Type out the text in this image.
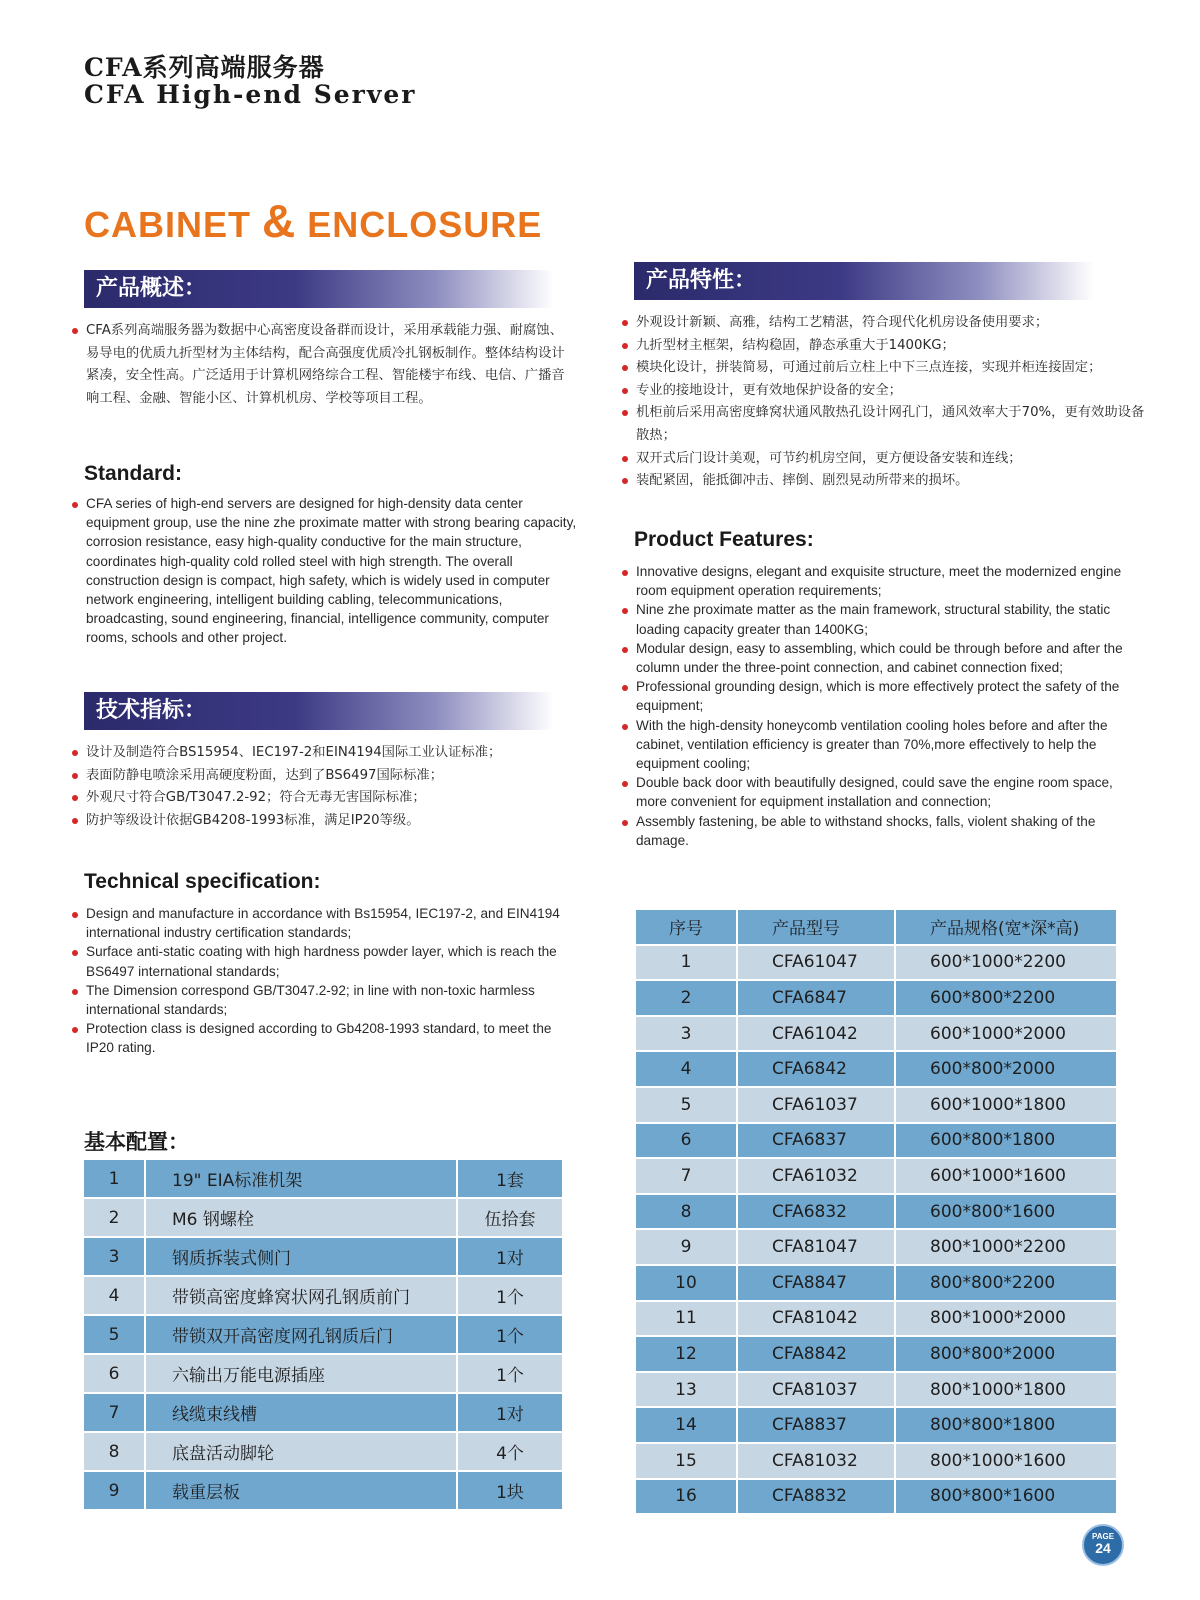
CFA系列高端服务器
CFA High-end Server
CABINET & ENCLOSURE
产品概述：
CFA系列高端服务器为数据中心高密度设备群而设计，采用承载能力强、耐腐蚀、易导电的优质九折型材为主体结构，配合高强度优质冷扎钢板制作。整体结构设计紧凑，安全性高。广泛适用于计算机网络综合工程、智能楼宇布线、电信、广播音响工程、金融、智能小区、计算机机房、学校等项目工程。
Standard:
CFA series of high-end servers are designed for high-density data center equipment group, use the nine zhe proximate matter with strong bearing capacity, corrosion resistance, easy high-quality conductive for the main structure, coordinates high-quality cold rolled steel with high strength. The overall construction design is compact, high safety, which is widely used in computer network engineering, intelligent building cabling, telecommunications, broadcasting, sound engineering, financial, intelligence community, computer rooms, schools and other project.
技术指标：
设计及制造符合BS15954、IEC197-2和EIN4194国际工业认证标准；
表面防静电喷涂采用高硬度粉面，达到了BS6497国际标准；
外观尺寸符合GB/T3047.2-92；符合无毒无害国际标准；
防护等级设计依据GB4208-1993标准，满足IP20等级。
Technical specification:
Design and manufacture in accordance with Bs15954, IEC197-2, and EIN4194 international industry certification standards;
Surface anti-static coating with high hardness powder layer, which is reach the BS6497 international standards;
The Dimension correspond GB/T3047.2-92; in line with non-toxic harmless international standards;
Protection class is designed according to Gb4208-1993 standard, to meet the IP20 rating.
基本配置：
1	19" EIA标准机架	1套
2	M6 钢螺栓	伍拾套
3	钢质拆装式侧门	1对
4	带锁高密度蜂窝状网孔钢质前门	1个
5	带锁双开高密度网孔钢质后门	1个
6	六输出万能电源插座	1个
7	线缆束线槽	1对
8	底盘活动脚轮	4个
9	载重层板	1块
产品特性：
外观设计新颖、高雅，结构工艺精湛，符合现代化机房设备使用要求；
九折型材主框架，结构稳固，静态承重大于1400KG；
模块化设计，拼装简易，可通过前后立柱上中下三点连接，实现并柜连接固定；
专业的接地设计，更有效地保护设备的安全；
机柜前后采用高密度蜂窝状通风散热孔设计网孔门，通风效率大于70%，更有效助设备散热；
双开式后门设计美观，可节约机房空间，更方便设备安装和连线；
装配紧固，能抵御冲击、摔倒、剧烈晃动所带来的损坏。
Product Features:
Innovative designs, elegant and exquisite structure, meet the modernized engine room equipment operation requirements;
Nine zhe proximate matter as the main framework, structural stability, the static loading capacity greater than 1400KG;
Modular design, easy to assembling, which could be through before and after the column under the three-point connection, and cabinet connection fixed;
Professional grounding design, which is more effectively protect the safety of the equipment;
With the high-density honeycomb ventilation cooling holes before and after the cabinet, ventilation efficiency is greater than 70%,more effectively to help the equipment cooling;
Double back door with beautifully designed, could save the engine room space, more convenient for equipment installation and connection;
Assembly fastening, be able to withstand shocks, falls, violent shaking of the damage.
序号	产品型号	产品规格(宽*深*高)
1	CFA61047	600*1000*2200
2	CFA6847	600*800*2200
3	CFA61042	600*1000*2000
4	CFA6842	600*800*2000
5	CFA61037	600*1000*1800
6	CFA6837	600*800*1800
7	CFA61032	600*1000*1600
8	CFA6832	600*800*1600
9	CFA81047	800*1000*2200
10	CFA8847	800*800*2200
11	CFA81042	800*1000*2000
12	CFA8842	800*800*2000
13	CFA81037	800*1000*1800
14	CFA8837	800*800*1800
15	CFA81032	800*1000*1600
16	CFA8832	800*800*1600
PAGE
24
